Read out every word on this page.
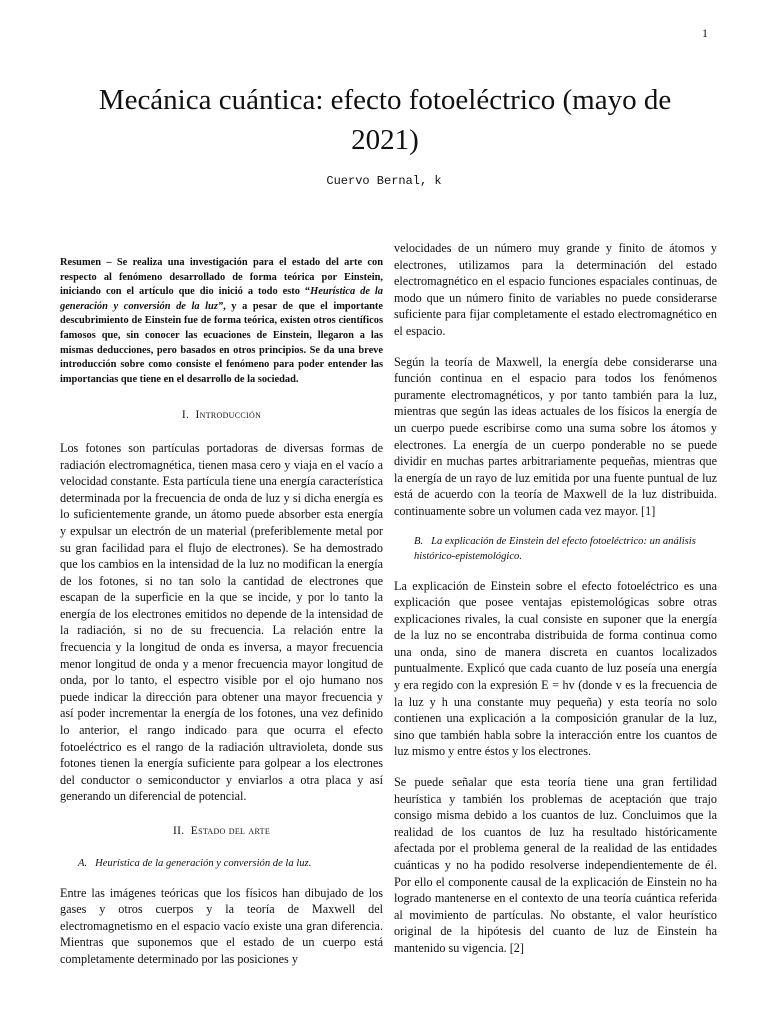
1
Mecánica cuántica: efecto fotoeléctrico (mayo de 2021)
Cuervo Bernal, k

Resumen – Se realiza una investigación para el estado del arte con respecto al fenómeno desarrollado de forma teórica por Einstein, iniciando con el artículo que dio inició a todo esto “Heurística de la generación y conversión de la luz”, y a pesar de que el importante descubrimiento de Einstein fue de forma teórica, existen otros científicos famosos que, sin conocer las ecuaciones de Einstein, llegaron a las mismas deducciones, pero basados en otros principios. Se da una breve introducción sobre como consiste el fenómeno para poder entender las importancias que tiene en el desarrollo de la sociedad.

I. Introducción

Los fotones son partículas portadoras de diversas formas de radiación electromagnética, tienen masa cero y viaja en el vacío a velocidad constante. Esta partícula tiene una energía característica determinada por la frecuencia de onda de luz y si dicha energía es lo suficientemente grande, un átomo puede absorber esta energía y expulsar un electrón de un material (preferiblemente metal por su gran facilidad para el flujo de electrones). Se ha demostrado que los cambios en la intensidad de la luz no modifican la energía de los fotones, si no tan solo la cantidad de electrones que escapan de la superficie en la que se incide, y por lo tanto la energía de los electrones emitidos no depende de la intensidad de la radiación, si no de su frecuencia. La relación entre la frecuencia y la longitud de onda es inversa, a mayor frecuencia menor longitud de onda y a menor frecuencia mayor longitud de onda, por lo tanto, el espectro visible por el ojo humano nos puede indicar la dirección para obtener una mayor frecuencia y así poder incrementar la energía de los fotones, una vez definido lo anterior, el rango indicado para que ocurra el efecto fotoeléctrico es el rango de la radiación ultravioleta, donde sus fotones tienen la energía suficiente para golpear a los electrones del conductor o semiconductor y enviarlos a otra placa y así generando un diferencial de potencial.

II. Estado del arte
A. Heurística de la generación y conversión de la luz.

Entre las imágenes teóricas que los físicos han dibujado de los gases y otros cuerpos y la teoría de Maxwell del electromagnetismo en el espacio vacío existe una gran diferencia. Mientras que suponemos que el estado de un cuerpo está completamente determinado por las posiciones y

velocidades de un número muy grande y finito de átomos y electrones, utilizamos para la determinación del estado electromagnético en el espacio funciones espaciales continuas, de modo que un número finito de variables no puede considerarse suficiente para fijar completamente el estado electromagnético en el espacio.

Según la teoría de Maxwell, la energía debe considerarse una función continua en el espacio para todos los fenómenos puramente electromagnéticos, y por tanto también para la luz, mientras que según las ideas actuales de los físicos la energía de un cuerpo puede escribirse como una suma sobre los átomos y electrones. La energía de un cuerpo ponderable no se puede dividir en muchas partes arbitrariamente pequeñas, mientras que la energía de un rayo de luz emitida por una fuente puntual de luz está de acuerdo con la teoría de Maxwell de la luz distribuida. continuamente sobre un volumen cada vez mayor. [1]

B. La explicación de Einstein del efecto fotoeléctrico: un análisis histórico-epistemológico.

La explicación de Einstein sobre el efecto fotoeléctrico es una explicación que posee ventajas epistemológicas sobre otras explicaciones rivales, la cual consiste en suponer que la energía de la luz no se encontraba distribuida de forma continua como una onda, sino de manera discreta en cuantos localizados puntualmente. Explicó que cada cuanto de luz poseía una energía y era regido con la expresión E = hv (donde v es la frecuencia de la luz y h una constante muy pequeña) y esta teoría no solo contienen una explicación a la composición granular de la luz, sino que también habla sobre la interacción entre los cuantos de luz mismo y entre éstos y los electrones.

Se puede señalar que esta teoría tiene una gran fertilidad heurística y también los problemas de aceptación que trajo consigo misma debido a los cuantos de luz. Concluimos que la realidad de los cuantos de luz ha resultado históricamente afectada por el problema general de la realidad de las entidades cuánticas y no ha podido resolverse independientemente de él. Por ello el componente causal de la explicación de Einstein no ha logrado mantenerse en el contexto de una teoría cuántica referida al movimiento de partículas. No obstante, el valor heurístico original de la hipótesis del cuanto de luz de Einstein ha mantenido su vigencia. [2]
